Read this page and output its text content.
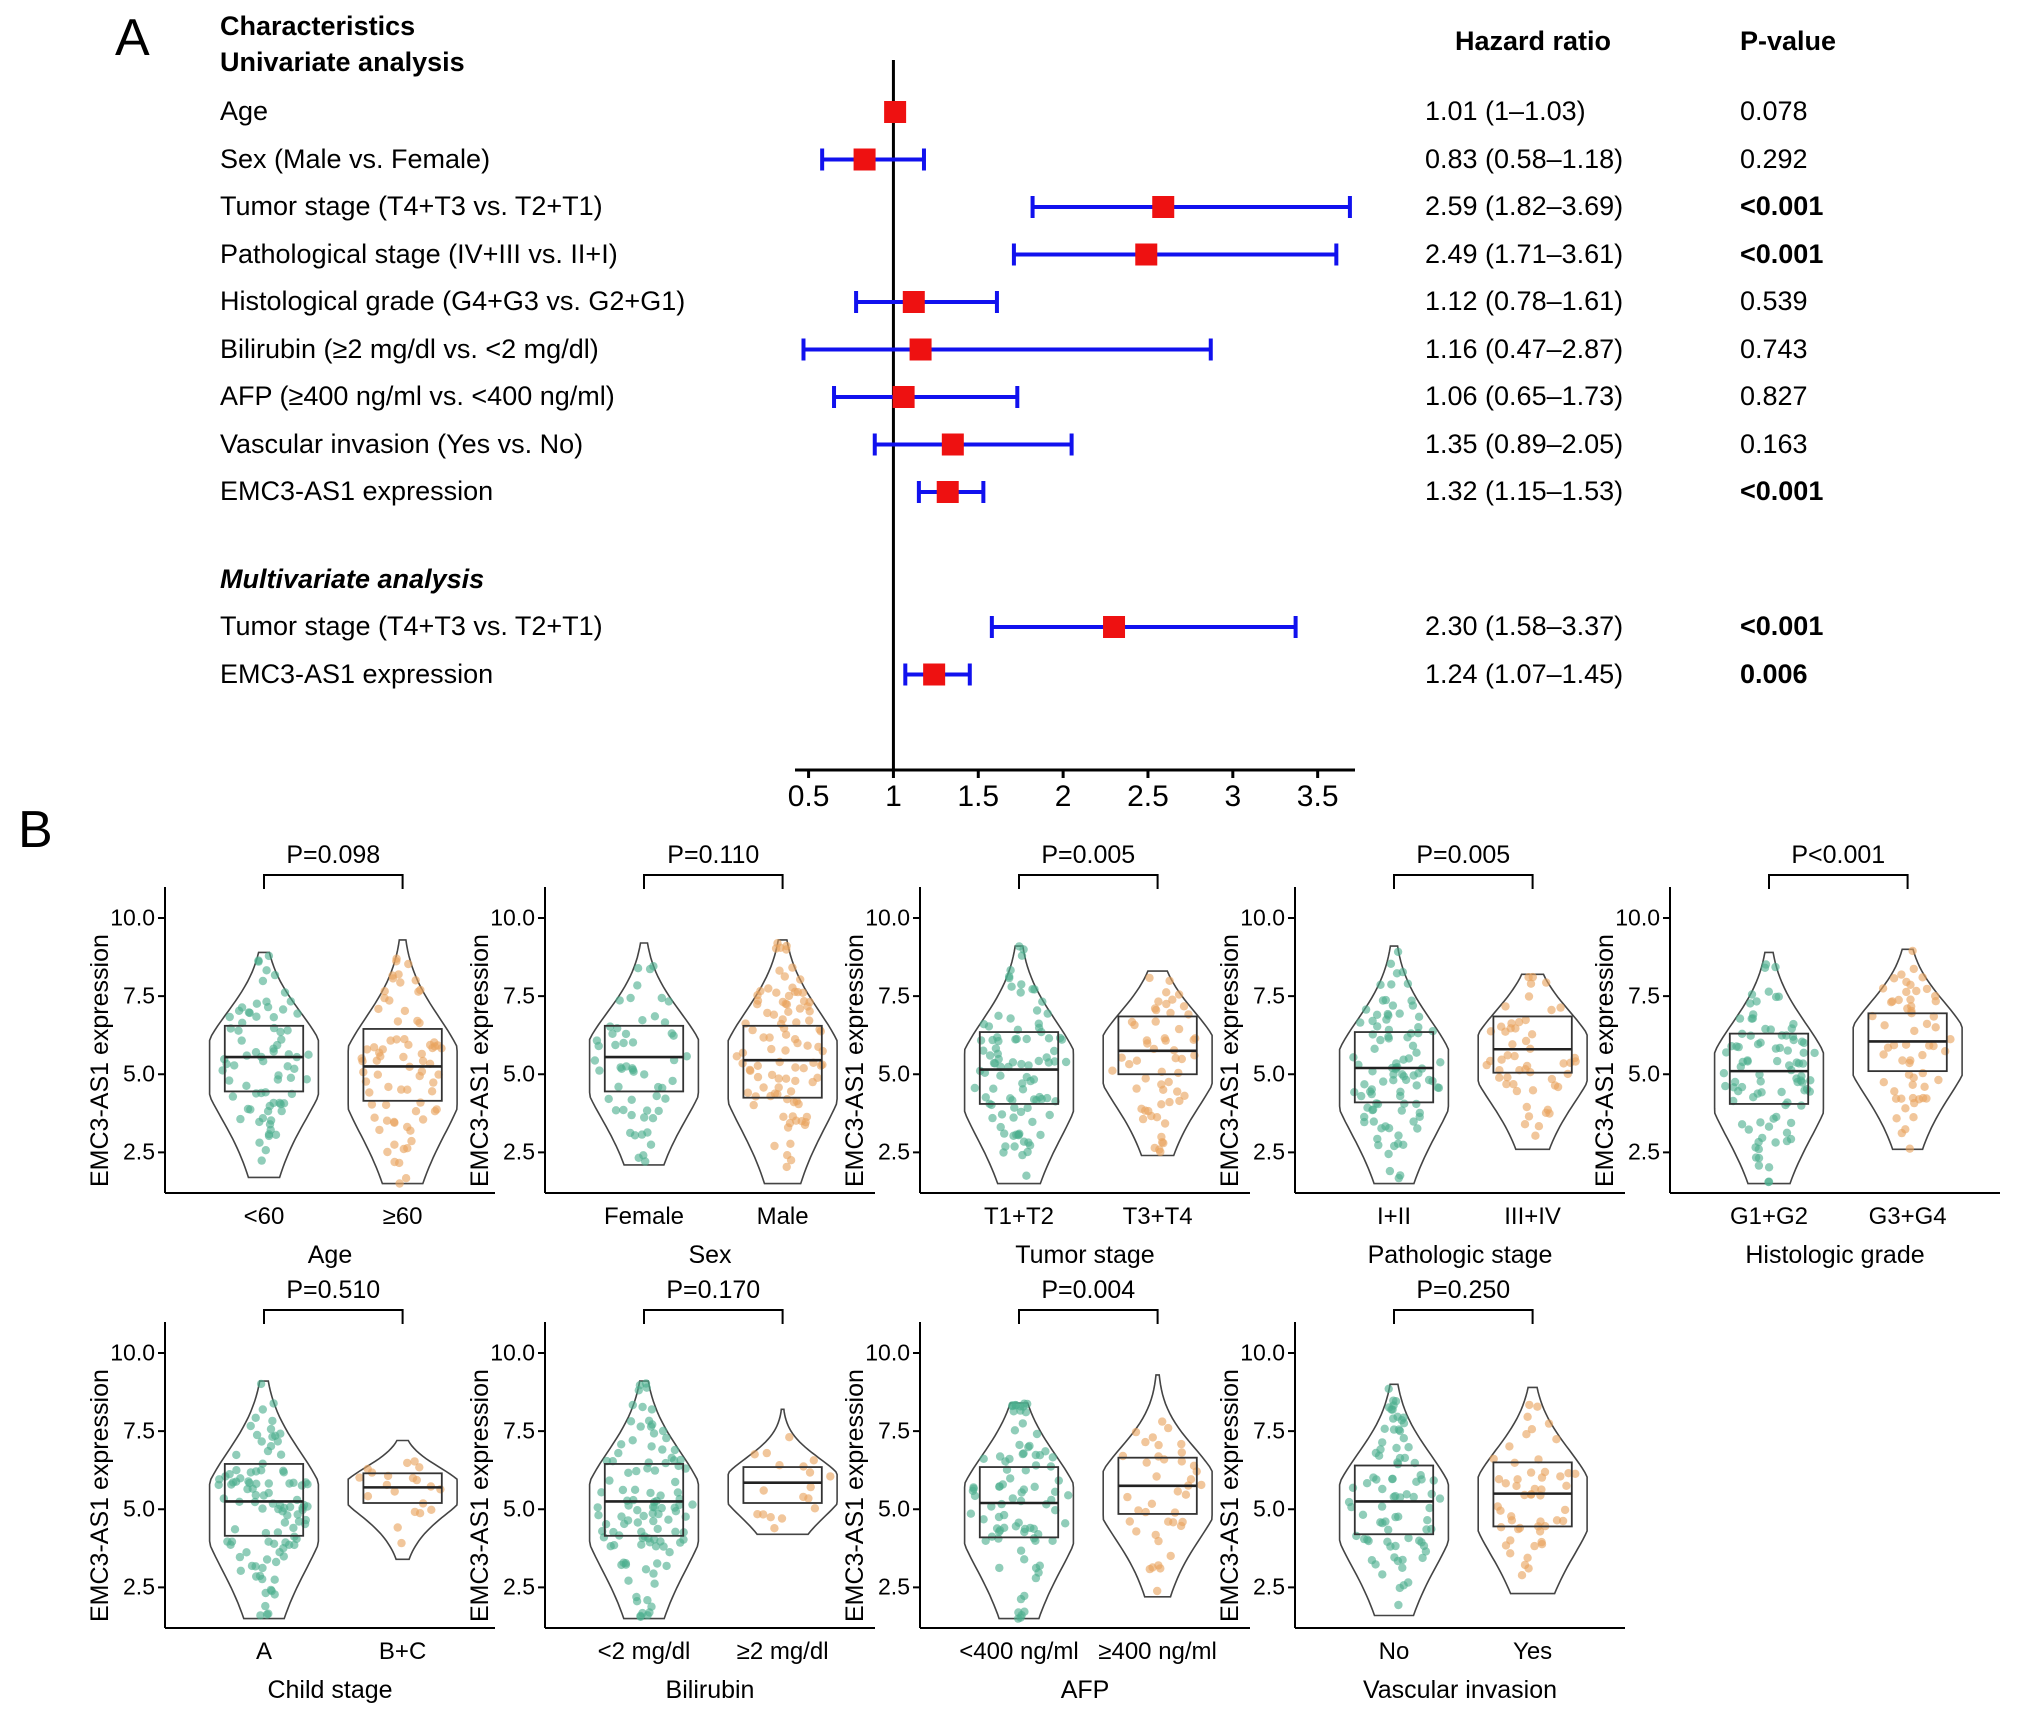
A	Characteristics
Univariate analysis
Hazard ratio	P-value
Age	1.01 (1–1.03)	0.078
Sex (Male vs. Female)	0.83 (0.58–1.18)	0.292
Tumor stage (T4+T3 vs. T2+T1)	2.59 (1.82–3.69)	<0.001
Pathological stage (IV+III vs. II+I)	2.49 (1.71–3.61)	<0.001
Histological grade (G4+G3 vs. G2+G1)	1.12 (0.78–1.61)	0.539
Bilirubin (≥2 mg/dl vs. <2 mg/dl)	1.16 (0.47–2.87)	0.743
AFP (≥400 ng/ml vs. <400 ng/ml)	1.06 (0.65–1.73)	0.827
Vascular invasion (Yes vs. No)	1.35 (0.89–2.05)	0.163
EMC3-AS1 expression	1.32 (1.15–1.53)	<0.001
Multivariate analysis
Tumor stage (T4+T3 vs. T2+T1)	2.30 (1.58–3.37)	<0.001
EMC3-AS1 expression	1.24 (1.07–1.45)	0.006
0.5 1 1.5 2 2.5 3 3.5
B
EMC3-AS1 expression 2.5
5.0
7.5
10.0
<60	≥60
Age
P=0.098
EMC3-AS1 expression 2.5
5.0
7.5
10.0
Female	Male
Sex
P=0.110
EMC3-AS1 expression 2.5
5.0
7.5
10.0
T1+T2	T3+T4
Tumor stage
P=0.005
EMC3-AS1 expression 2.5
5.0
7.5
10.0
I+II	III+IV
Pathologic stage
P=0.005
EMC3-AS1 expression 2.5
5.0
7.5
10.0
G1+G2	G3+G4
Histologic grade
P<0.001
EMC3-AS1 expression 2.5
5.0
7.5
10.0
A	B+C
Child stage
P=0.510
EMC3-AS1 expression 2.5
5.0
7.5
10.0
<2 mg/dl ≥2 mg/dl
Bilirubin
P=0.170
EMC3-AS1 expression 2.5
5.0
7.5
10.0
<400 ng/ml ≥400 ng/ml
AFP
P=0.004
EMC3-AS1 expression 2.5
5.0
7.5
10.0
No	Yes
Vascular invasion
P=0.250
